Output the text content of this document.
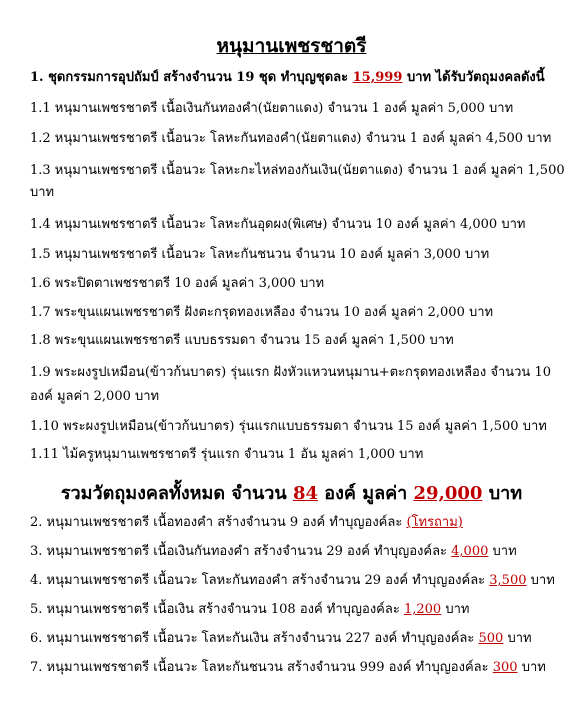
หนุมานเพชรชาตรี
1. ชุดกรรมการอุปถัมป์ สร้างจำนวน 19 ชุด ทำบุญชุดละ 15,999 บาท ได้รับวัตถุมงคลดังนี้
1.1 หนุมานเพชรชาตรี เนื้อเงินกันทองคำ(นัยตาแดง) จำนวน 1 องค์ มูลค่า 5,000 บาท
1.2 หนุมานเพชรชาตรี เนื้อนวะ โลหะกันทองคำ(นัยตาแดง) จำนวน 1 องค์ มูลค่า 4,500 บาท
1.3 หนุมานเพชรชาตรี เนื้อนวะ โลหะกะไหล่ทองกันเงิน(นัยตาแดง) จำนวน 1 องค์ มูลค่า 1,500 บาท
1.4 หนุมานเพชรชาตรี เนื้อนวะ โลหะกันอุดผง(พิเศษ) จำนวน 10 องค์ มูลค่า 4,000 บาท
1.5 หนุมานเพชรชาตรี เนื้อนวะ โลหะกันชนวน จำนวน 10 องค์ มูลค่า 3,000 บาท
1.6 พระปิดตาเพชรชาตรี 10 องค์ มูลค่า 3,000 บาท
1.7 พระขุนแผนเพชรชาตรี ฝังตะกรุดทองเหลือง จำนวน 10 องค์ มูลค่า 2,000 บาท
1.8 พระขุนแผนเพชรชาตรี แบบธรรมดา จำนวน 15 องค์ มูลค่า 1,500 บาท
1.9 พระผงรูปเหมือน(ข้าวก้นบาตร) รุ่นแรก ฝังหัวแหวนหนุมาน+ตะกรุดทองเหลือง จำนวน 10 องค์ มูลค่า 2,000 บาท
1.10 พระผงรูปเหมือน(ข้าวก้นบาตร) รุ่นแรกแบบธรรมดา จำนวน 15 องค์ มูลค่า 1,500 บาท
1.11 ไม้ครูหนุมานเพชรชาตรี รุ่นแรก จำนวน 1 อัน มูลค่า 1,000 บาท
รวมวัตถุมงคลทั้งหมด จำนวน 84 องค์ มูลค่า 29,000 บาท
2. หนุมานเพชรชาตรี เนื้อทองคำ สร้างจำนวน 9 องค์ ทำบุญองค์ละ (โทรถาม)
3. หนุมานเพชรชาตรี เนื้อเงินกันทองคำ สร้างจำนวน 29 องค์ ทำบุญองค์ละ 4,000 บาท
4. หนุมานเพชรชาตรี เนื้อนวะ โลหะกันทองคำ สร้างจำนวน 29 องค์ ทำบุญองค์ละ 3,500 บาท
5. หนุมานเพชรชาตรี เนื้อเงิน สร้างจำนวน 108 องค์ ทำบุญองค์ละ 1,200 บาท
6. หนุมานเพชรชาตรี เนื้อนวะ โลหะกันเงิน สร้างจำนวน 227 องค์ ทำบุญองค์ละ 500 บาท
7. หนุมานเพชรชาตรี เนื้อนวะ โลหะกันชนวน สร้างจำนวน 999 องค์ ทำบุญองค์ละ 300 บาท
